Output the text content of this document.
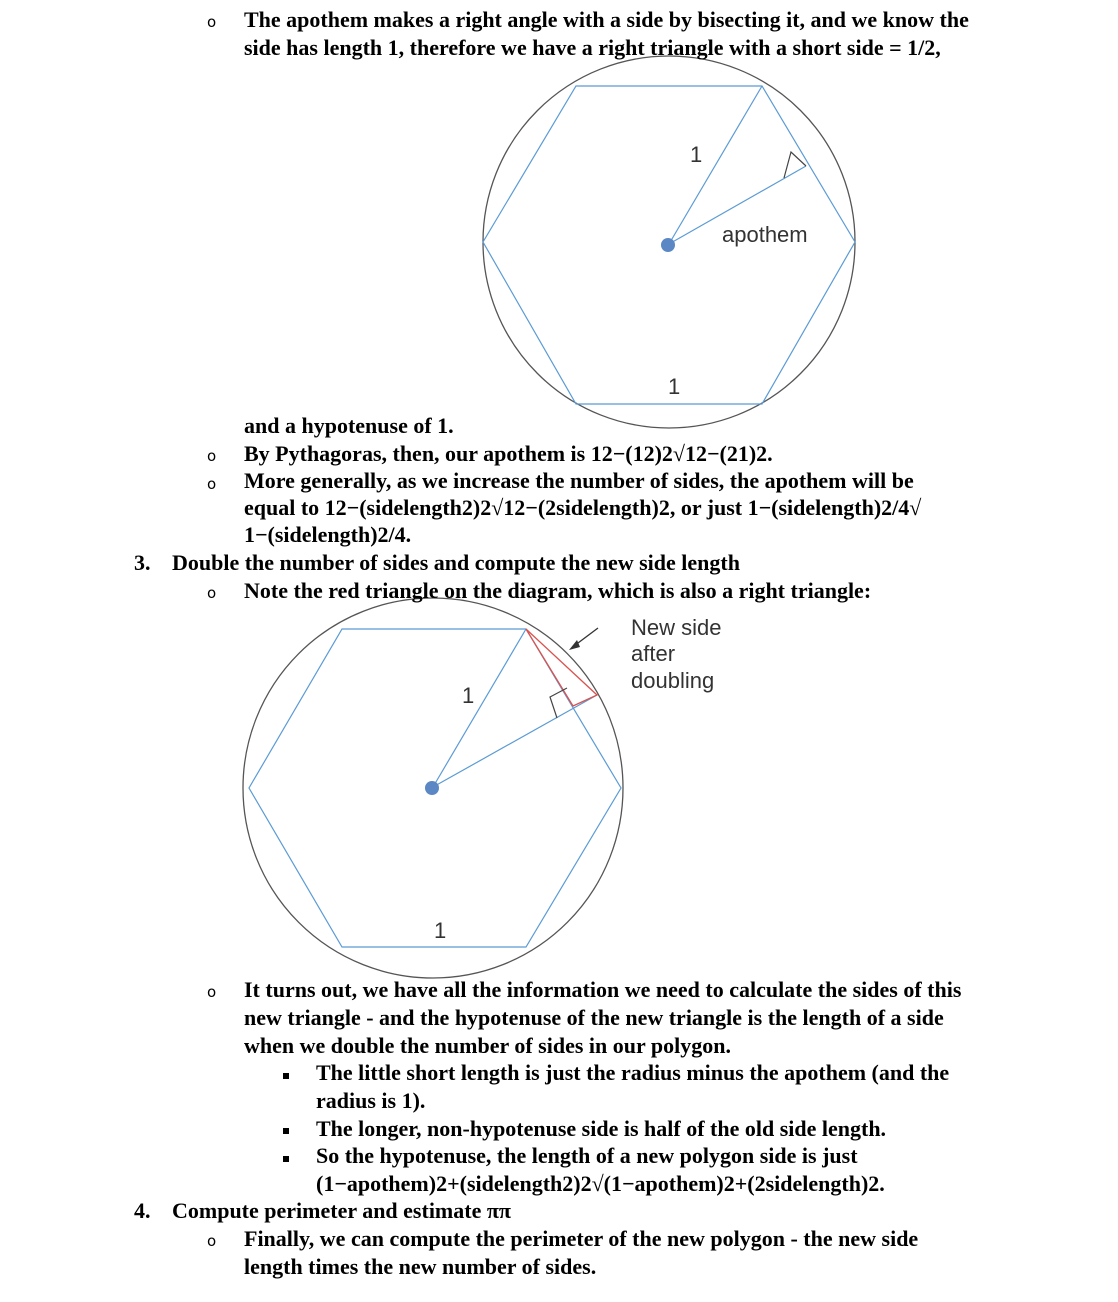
1
apothem
1
1
1
New side
after
doubling
o The apothem makes a right angle with a side by bisecting it, and we know the
side has length 1, therefore we have a right triangle with a short side = 1/2,
and a hypotenuse of 1.
o By Pythagoras, then, our apothem is 12−(12)2√12−(21)2.
o More generally, as we increase the number of sides, the apothem will be
equal to 12−(sidelength2)2√12−(2sidelength)2, or just 1−(sidelength)2/4√
1−(sidelength)2/4.
3. Double the number of sides and compute the new side length
o Note the red triangle on the diagram, which is also a right triangle:
o It turns out, we have all the information we need to calculate the sides of this
new triangle - and the hypotenuse of the new triangle is the length of a side
when we double the number of sides in our polygon.
The little short length is just the radius minus the apothem (and the
radius is 1).
The longer, non-hypotenuse side is half of the old side length.
So the hypotenuse, the length of a new polygon side is just
(1−apothem)2+(sidelength2)2√(1−apothem)2+(2sidelength)2.
4. Compute perimeter and estimate ππ
o Finally, we can compute the perimeter of the new polygon - the new side
length times the new number of sides.
